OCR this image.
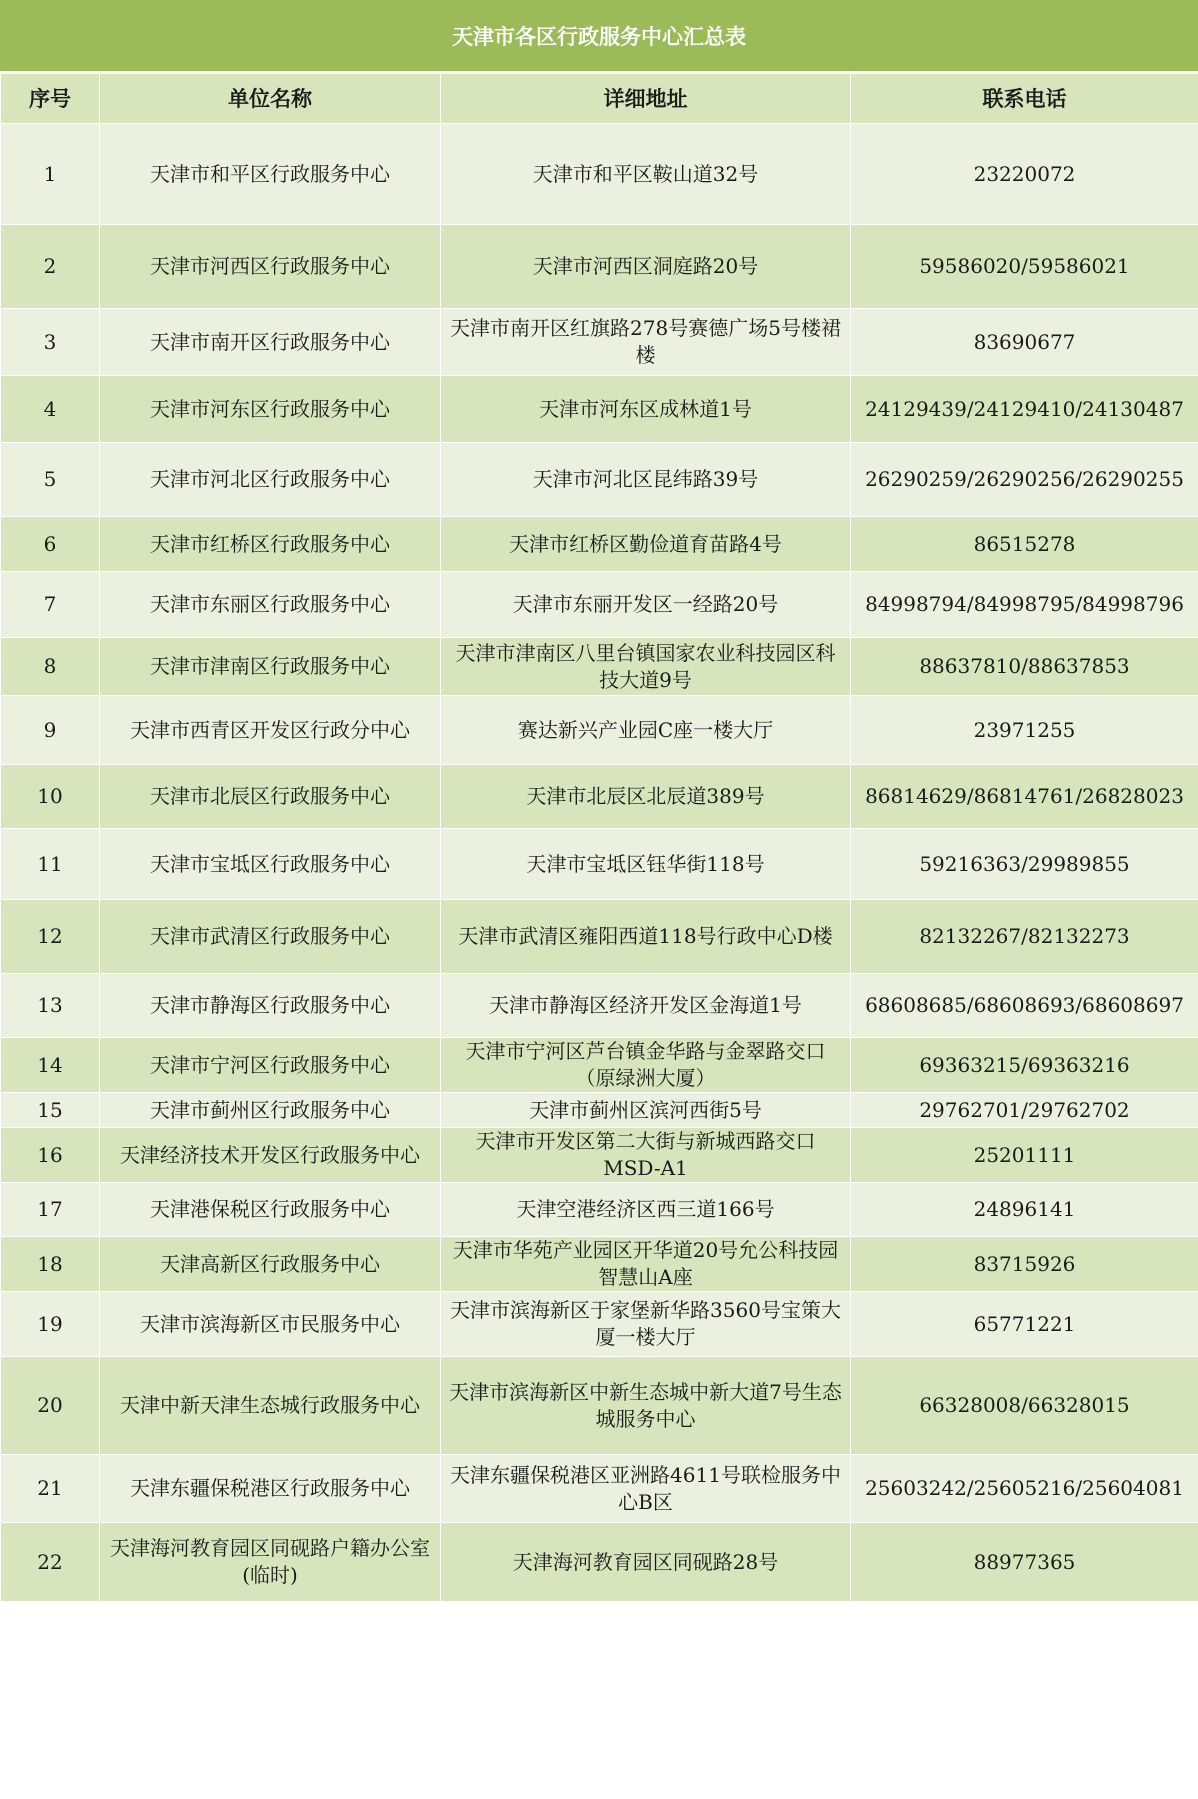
天津市各区行政服务中心汇总表
序号	单位名称	详细地址	联系电话
1	天津市和平区行政服务中心	天津市和平区鞍山道32号	23220072
2	天津市河西区行政服务中心	天津市河西区洞庭路20号	59586020/59586021
3	天津市南开区行政服务中心	天津市南开区红旗路278号赛德广场5号楼裙楼	83690677
4	天津市河东区行政服务中心	天津市河东区成林道1号	24129439/24129410/24130487
5	天津市河北区行政服务中心	天津市河北区昆纬路39号	26290259/26290256/26290255
6	天津市红桥区行政服务中心	天津市红桥区勤俭道育苗路4号	86515278
7	天津市东丽区行政服务中心	天津市东丽开发区一经路20号	84998794/84998795/84998796
8	天津市津南区行政服务中心	天津市津南区八里台镇国家农业科技园区科技大道9号	88637810/88637853
9	天津市西青区开发区行政分中心	赛达新兴产业园C座一楼大厅	23971255
10	天津市北辰区行政服务中心	天津市北辰区北辰道389号	86814629/86814761/26828023
11	天津市宝坻区行政服务中心	天津市宝坻区钰华街118号	59216363/29989855
12	天津市武清区行政服务中心	天津市武清区雍阳西道118号行政中心D楼	82132267/82132273
13	天津市静海区行政服务中心	天津市静海区经济开发区金海道1号	68608685/68608693/68608697
14	天津市宁河区行政服务中心	天津市宁河区芦台镇金华路与金翠路交口（原绿洲大厦）	69363215/69363216
15	天津市蓟州区行政服务中心	天津市蓟州区滨河西街5号	29762701/29762702
16	天津经济技术开发区行政服务中心	天津市开发区第二大街与新城西路交口MSD-A1	25201111
17	天津港保税区行政服务中心	天津空港经济区西三道166号	24896141
18	天津高新区行政服务中心	天津市华苑产业园区开华道20号允公科技园智慧山A座	83715926
19	天津市滨海新区市民服务中心	天津市滨海新区于家堡新华路3560号宝策大厦一楼大厅	65771221
20	天津中新天津生态城行政服务中心	天津市滨海新区中新生态城中新大道7号生态城服务中心	66328008/66328015
21	天津东疆保税港区行政服务中心	天津东疆保税港区亚洲路4611号联检服务中心B区	25603242/25605216/25604081
22	天津海河教育园区同砚路户籍办公室(临时)	天津海河教育园区同砚路28号	88977365
